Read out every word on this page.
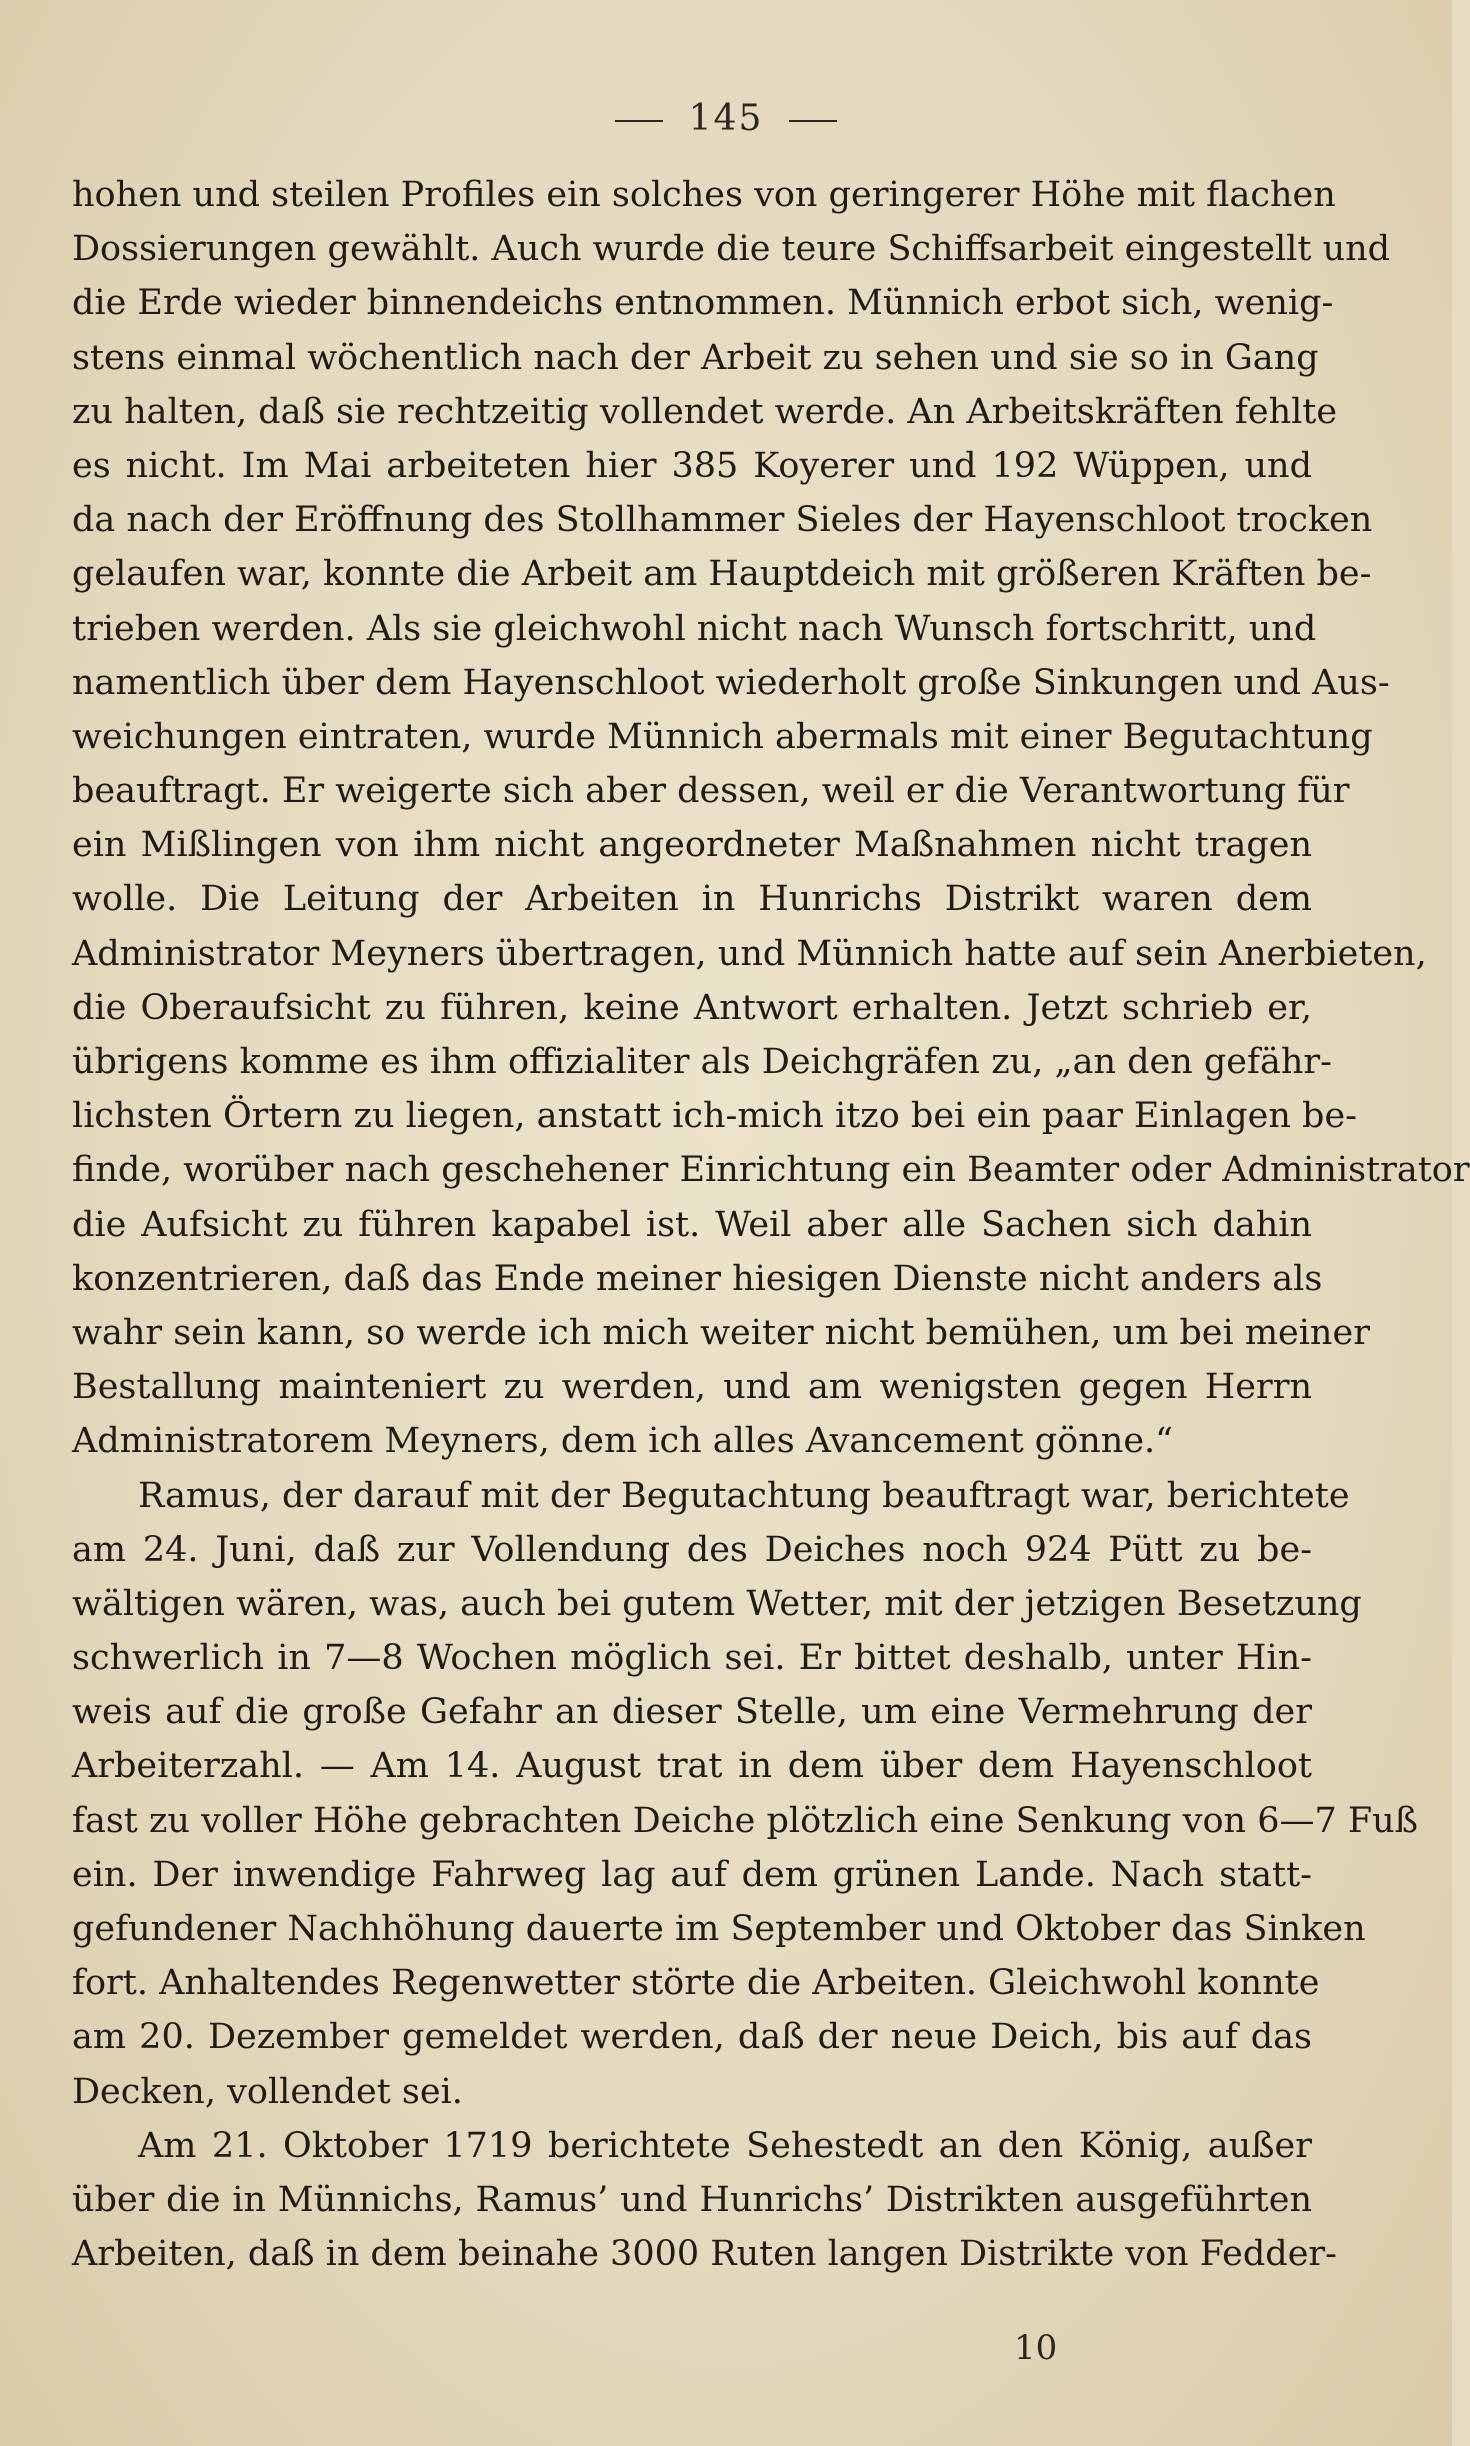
145
hohen und steilen Profiles ein solches von geringerer Höhe mit flachen
Dossierungen gewählt. Auch wurde die teure Schiffsarbeit eingestellt und
die Erde wieder binnendeichs entnommen. Münnich erbot sich, wenig-
stens einmal wöchentlich nach der Arbeit zu sehen und sie so in Gang
zu halten, daß sie rechtzeitig vollendet werde. An Arbeitskräften fehlte
es nicht. Im Mai arbeiteten hier 385 Koyerer und 192 Wüppen, und
da nach der Eröffnung des Stollhammer Sieles der Hayenschloot trocken
gelaufen war, konnte die Arbeit am Hauptdeich mit größeren Kräften be-
trieben werden. Als sie gleichwohl nicht nach Wunsch fortschritt, und
namentlich über dem Hayenschloot wiederholt große Sinkungen und Aus-
weichungen eintraten, wurde Münnich abermals mit einer Begutachtung
beauftragt. Er weigerte sich aber dessen, weil er die Verantwortung für
ein Mißlingen von ihm nicht angeordneter Maßnahmen nicht tragen
wolle. Die Leitung der Arbeiten in Hunrichs Distrikt waren dem
Administrator Meyners übertragen, und Münnich hatte auf sein Anerbieten,
die Oberaufsicht zu führen, keine Antwort erhalten. Jetzt schrieb er,
übrigens komme es ihm offizialiter als Deichgräfen zu, „an den gefähr-
lichsten Örtern zu liegen, anstatt ich-mich itzo bei ein paar Einlagen be-
finde, worüber nach geschehener Einrichtung ein Beamter oder Administrator
die Aufsicht zu führen kapabel ist. Weil aber alle Sachen sich dahin
konzentrieren, daß das Ende meiner hiesigen Dienste nicht anders als
wahr sein kann, so werde ich mich weiter nicht bemühen, um bei meiner
Bestallung mainteniert zu werden, und am wenigsten gegen Herrn
Administratorem Meyners, dem ich alles Avancement gönne.“
Ramus, der darauf mit der Begutachtung beauftragt war, berichtete
am 24. Juni, daß zur Vollendung des Deiches noch 924 Pütt zu be-
wältigen wären, was, auch bei gutem Wetter, mit der jetzigen Besetzung
schwerlich in 7—8 Wochen möglich sei. Er bittet deshalb, unter Hin-
weis auf die große Gefahr an dieser Stelle, um eine Vermehrung der
Arbeiterzahl. — Am 14. August trat in dem über dem Hayenschloot
fast zu voller Höhe gebrachten Deiche plötzlich eine Senkung von 6—7 Fuß
ein. Der inwendige Fahrweg lag auf dem grünen Lande. Nach statt-
gefundener Nachhöhung dauerte im September und Oktober das Sinken
fort. Anhaltendes Regenwetter störte die Arbeiten. Gleichwohl konnte
am 20. Dezember gemeldet werden, daß der neue Deich, bis auf das
Decken, vollendet sei.
Am 21. Oktober 1719 berichtete Sehestedt an den König, außer
über die in Münnichs, Ramus’ und Hunrichs’ Distrikten ausgeführten
Arbeiten, daß in dem beinahe 3000 Ruten langen Distrikte von Fedder-
10
